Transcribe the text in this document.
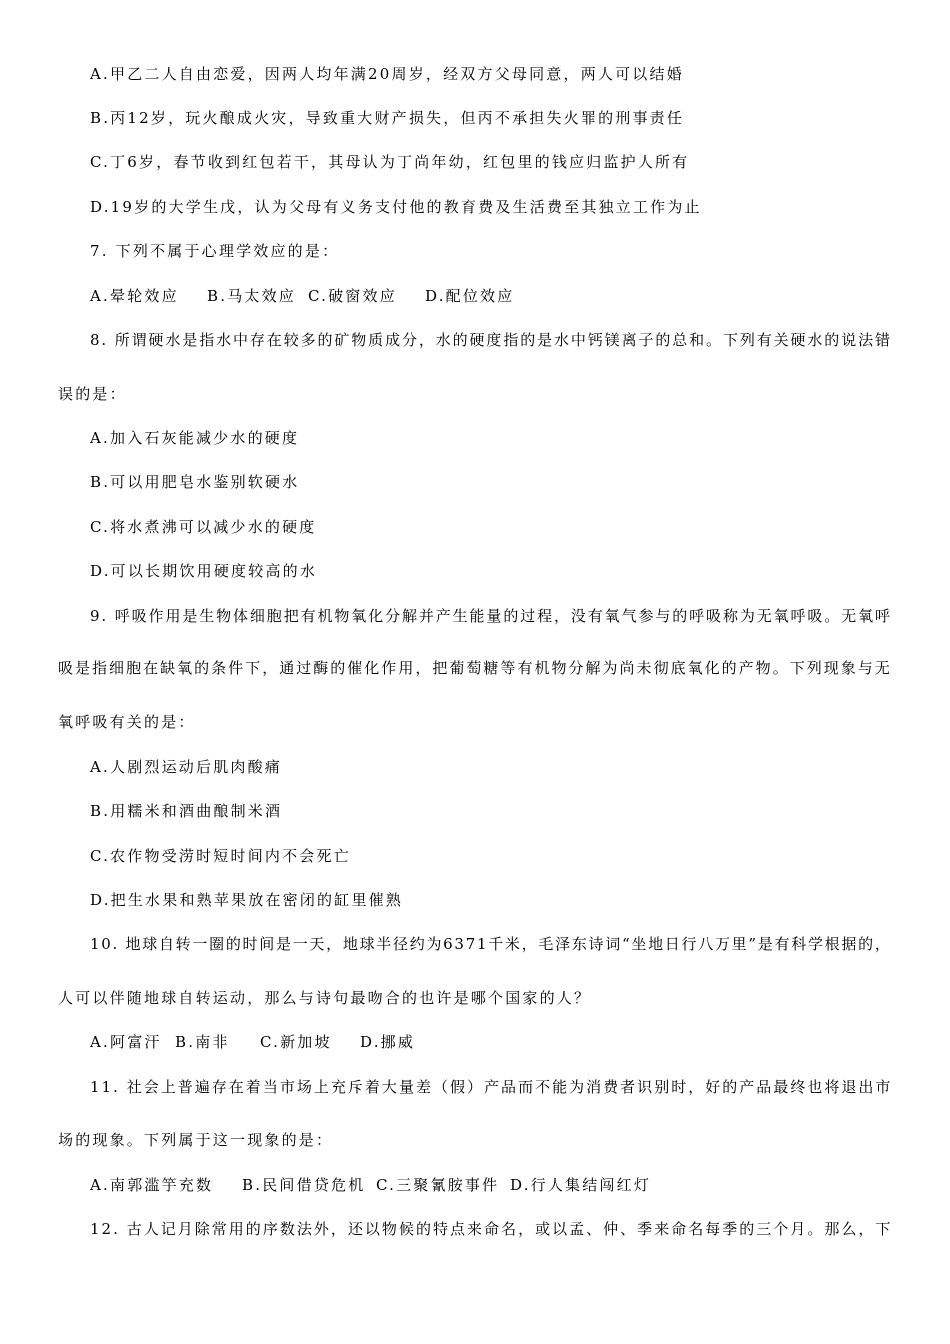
A.甲乙二人自由恋爱，因两人均年满20周岁，经双方父母同意，两人可以结婚
B.丙12岁，玩火酿成火灾，导致重大财产损失，但丙不承担失火罪的刑事责任
C.丁6岁，春节收到红包若干，其母认为丁尚年幼，红包里的钱应归监护人所有
D.19岁的大学生戊，认为父母有义务支付他的教育费及生活费至其独立工作为止
7. 下列不属于心理学效应的是：
A.晕轮效应 B.马太效应 C.破窗效应 D.配位效应
8. 所谓硬水是指水中存在较多的矿物质成分，水的硬度指的是水中钙镁离子的总和。下列有关硬水的说法错
误的是：
A.加入石灰能减少水的硬度
B.可以用肥皂水鉴别软硬水
C.将水煮沸可以减少水的硬度
D.可以长期饮用硬度较高的水
9. 呼吸作用是生物体细胞把有机物氧化分解并产生能量的过程，没有氧气参与的呼吸称为无氧呼吸。无氧呼
吸是指细胞在缺氧的条件下，通过酶的催化作用，把葡萄糖等有机物分解为尚未彻底氧化的产物。下列现象与无
氧呼吸有关的是：
A.人剧烈运动后肌肉酸痛
B.用糯米和酒曲酿制米酒
C.农作物受涝时短时间内不会死亡
D.把生水果和熟苹果放在密闭的缸里催熟
10. 地球自转一圈的时间是一天，地球半径约为6371千米，毛泽东诗词“坐地日行八万里”是有科学根据的，
人可以伴随地球自转运动，那么与诗句最吻合的也许是哪个国家的人？
A.阿富汗 B.南非 C.新加坡 D.挪威
11. 社会上普遍存在着当市场上充斥着大量差（假）产品而不能为消费者识别时，好的产品最终也将退出市
场的现象。下列属于这一现象的是：
A.南郭滥竽充数 B.民间借贷危机 C.三聚氰胺事件 D.行人集结闯红灯
12. 古人记月除常用的序数法外，还以物候的特点来命名，或以孟、仲、季来命名每季的三个月。那么，下
